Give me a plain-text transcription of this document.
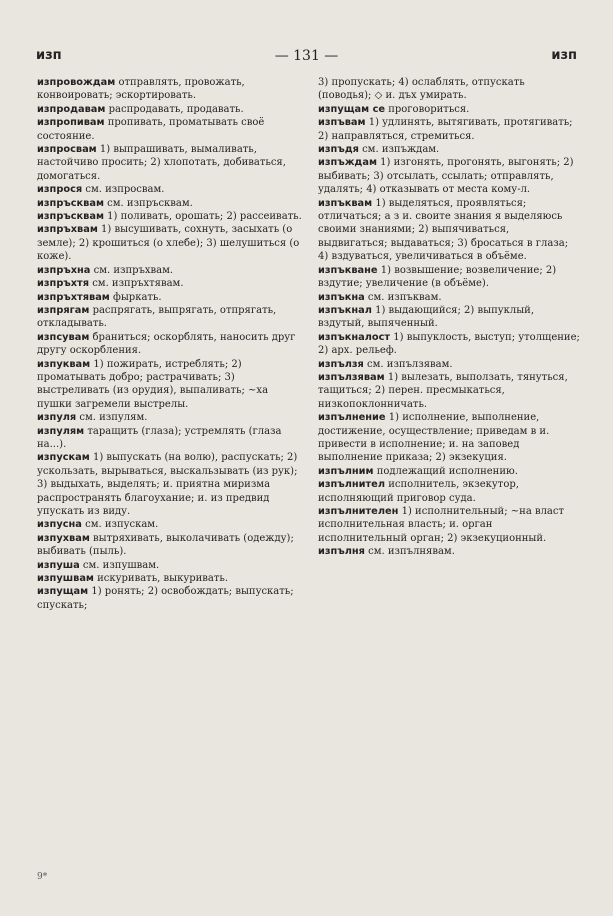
изп	— 131 —	изп

изпровождам отправлять, провожать, конвоировать; эскортировать.

изпродавам распродавать, продавать.

изпропивам пропивать, проматывать своё состояние.

изпросвам 1) выпрашивать, вымаливать, настойчиво просить; 2) хлопотать, добиваться, домогаться.

изпрося см. изпросвам.

изпръсквам см. изпръсквам.

изпръсквам 1) поливать, орошать; 2) рассеивать.

изпръхвам 1) высушивать, сохнуть, засыхать (о земле); 2) крошиться (о хлебе); 3) шелушиться (о коже).

изпръхна см. изпръхвам.

изпръхтя см. изпръхтявам.

изпръхтявам фыркать.

изпрягам распрягать, выпрягать, отпрягать, откладывать.

изпсувам браниться; оскорблять, наносить друг другу оскорбления.

изпуквам 1) пожирать, истреблять; 2) проматывать добро; растрачивать; 3) выстреливать (из орудия), выпаливать; ~ха пушки загремели выстрелы.

изпуля см. изпулям.

изпулям таращить (глаза); устремлять (глаза на...).

изпускам 1) выпускать (на волю), распускать; 2) ускользать, вырываться, выскальзывать (из рук); 3) выдыхать, выделять; и. приятна миризма распространять благоухание; и. из предвид упускать из виду.

изпусна см. изпускам.

изпухвам вытряхивать, выколачивать (одежду); выбивать (пыль).

изпуша см. изпушвам.

изпушвам искуривать, выкуривать.

изпущам 1) ронять; 2) освобождать; выпускать; спускать;

3) пропускать; 4) ослаблять, отпускать (поводья); ◇ и. дъх умирать.

изпущам се проговориться.

изпъвам 1) удлинять, вытягивать, протягивать; 2) направляться, стремиться.

изпъдя см. изпъждам.

изпъждам 1) изгонять, прогонять, выгонять; 2) выбивать; 3) отсылать, ссылать; отправлять, удалять; 4) отказывать от места кому-л.

изпъквам 1) выделяться, проявляться; отличаться; а з и. своите знания я выделяюсь своими знаниями; 2) выпячиваться, выдвигаться; выдаваться; 3) бросаться в глаза; 4) вздуваться, увеличиваться в объёме.

изпъкване 1) возвышение; возвеличение; 2) вздутие; увеличение (в объёме).

изпъкна см. изпъквам.

изпъкнал 1) выдающийся; 2) выпуклый, вздутый, выпяченный.

изпъкналост 1) выпуклость, выступ; утолщение; 2) арх. рельеф.

изпълзя см. изпълзявам.

изпълзявам 1) вылезать, выползать, тянуться, тащиться; 2) перен. пресмыкаться, низкопоклонничать.

изпълнение 1) исполнение, выполнение, достижение, осуществление; приведам в и. привести в исполнение; и. на заповед выполнение приказа; 2) экзекуция.

изпълним подлежащий исполнению.

изпълнител исполнитель, экзекутор, исполняющий приговор суда.

изпълнителен 1) исполнительный; ~на власт исполнительная власть; и. орган исполнительный орган; 2) экзекуционный.

изпълня см. изпълнявам.

9*
